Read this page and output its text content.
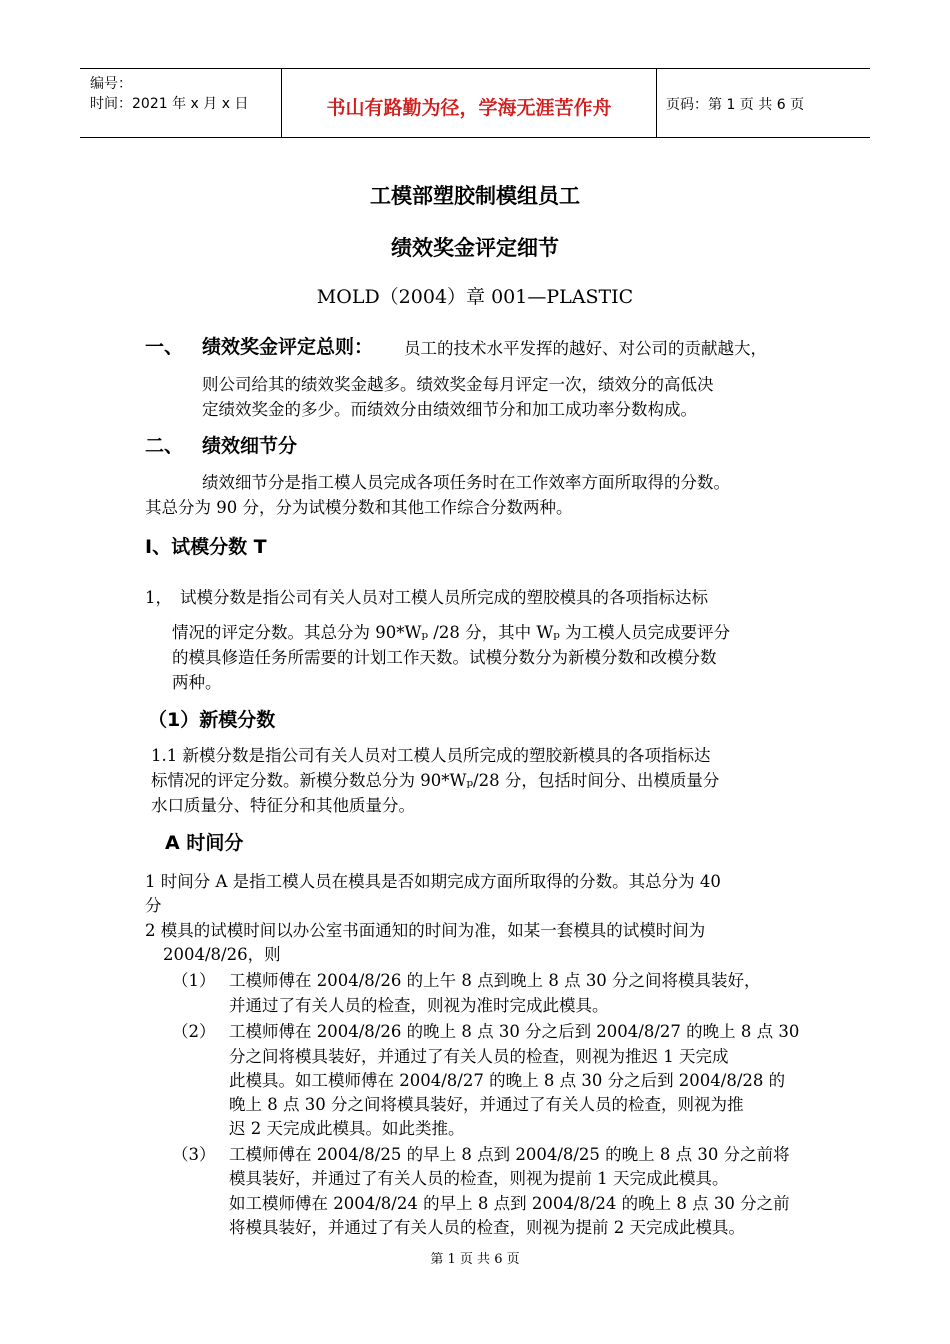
编号：
时间：2021 年 x 月 x 日	书山有路勤为径，学海无涯苦作舟	页码：第 1 页 共 6 页
工模部塑胶制模组员工
绩效奖金评定细节
MOLD（2004）章 001—PLASTIC
一、 绩效奖金评定总则： 员工的技术水平发挥的越好、对公司的贡献越大，
则公司给其的绩效奖金越多。绩效奖金每月评定一次，绩效分的高低决
定绩效奖金的多少。而绩效分由绩效细节分和加工成功率分数构成。
二、 绩效细节分
绩效细节分是指工模人员完成各项任务时在工作效率方面所取得的分数。
其总分为 90 分，分为试模分数和其他工作综合分数两种。
I、试模分数 T
1， 试模分数是指公司有关人员对工模人员所完成的塑胶模具的各项指标达标
情况的评定分数。其总分为 90*Wₚ /28 分，其中 Wₚ 为工模人员完成要评分
的模具修造任务所需要的计划工作天数。试模分数分为新模分数和改模分数
两种。
（1）新模分数
1.1 新模分数是指公司有关人员对工模人员所完成的塑胶新模具的各项指标达
标情况的评定分数。新模分数总分为 90*Wₚ/28 分，包括时间分、出模质量分
水口质量分、特征分和其他质量分。
A 时间分
1 时间分 A 是指工模人员在模具是否如期完成方面所取得的分数。其总分为 40
分
2 模具的试模时间以办公室书面通知的时间为准，如某一套模具的试模时间为
2004/8/26，则
（1） 工模师傅在 2004/8/26 的上午 8 点到晚上 8 点 30 分之间将模具装好，
并通过了有关人员的检查，则视为准时完成此模具。
（2） 工模师傅在 2004/8/26 的晚上 8 点 30 分之后到 2004/8/27 的晚上 8 点 30
分之间将模具装好，并通过了有关人员的检查，则视为推迟 1 天完成
此模具。如工模师傅在 2004/8/27 的晚上 8 点 30 分之后到 2004/8/28 的
晚上 8 点 30 分之间将模具装好，并通过了有关人员的检查，则视为推
迟 2 天完成此模具。如此类推。
（3） 工模师傅在 2004/8/25 的早上 8 点到 2004/8/25 的晚上 8 点 30 分之前将
模具装好，并通过了有关人员的检查，则视为提前 1 天完成此模具。
如工模师傅在 2004/8/24 的早上 8 点到 2004/8/24 的晚上 8 点 30 分之前
将模具装好，并通过了有关人员的检查，则视为提前 2 天完成此模具。
第 1 页 共 6 页
